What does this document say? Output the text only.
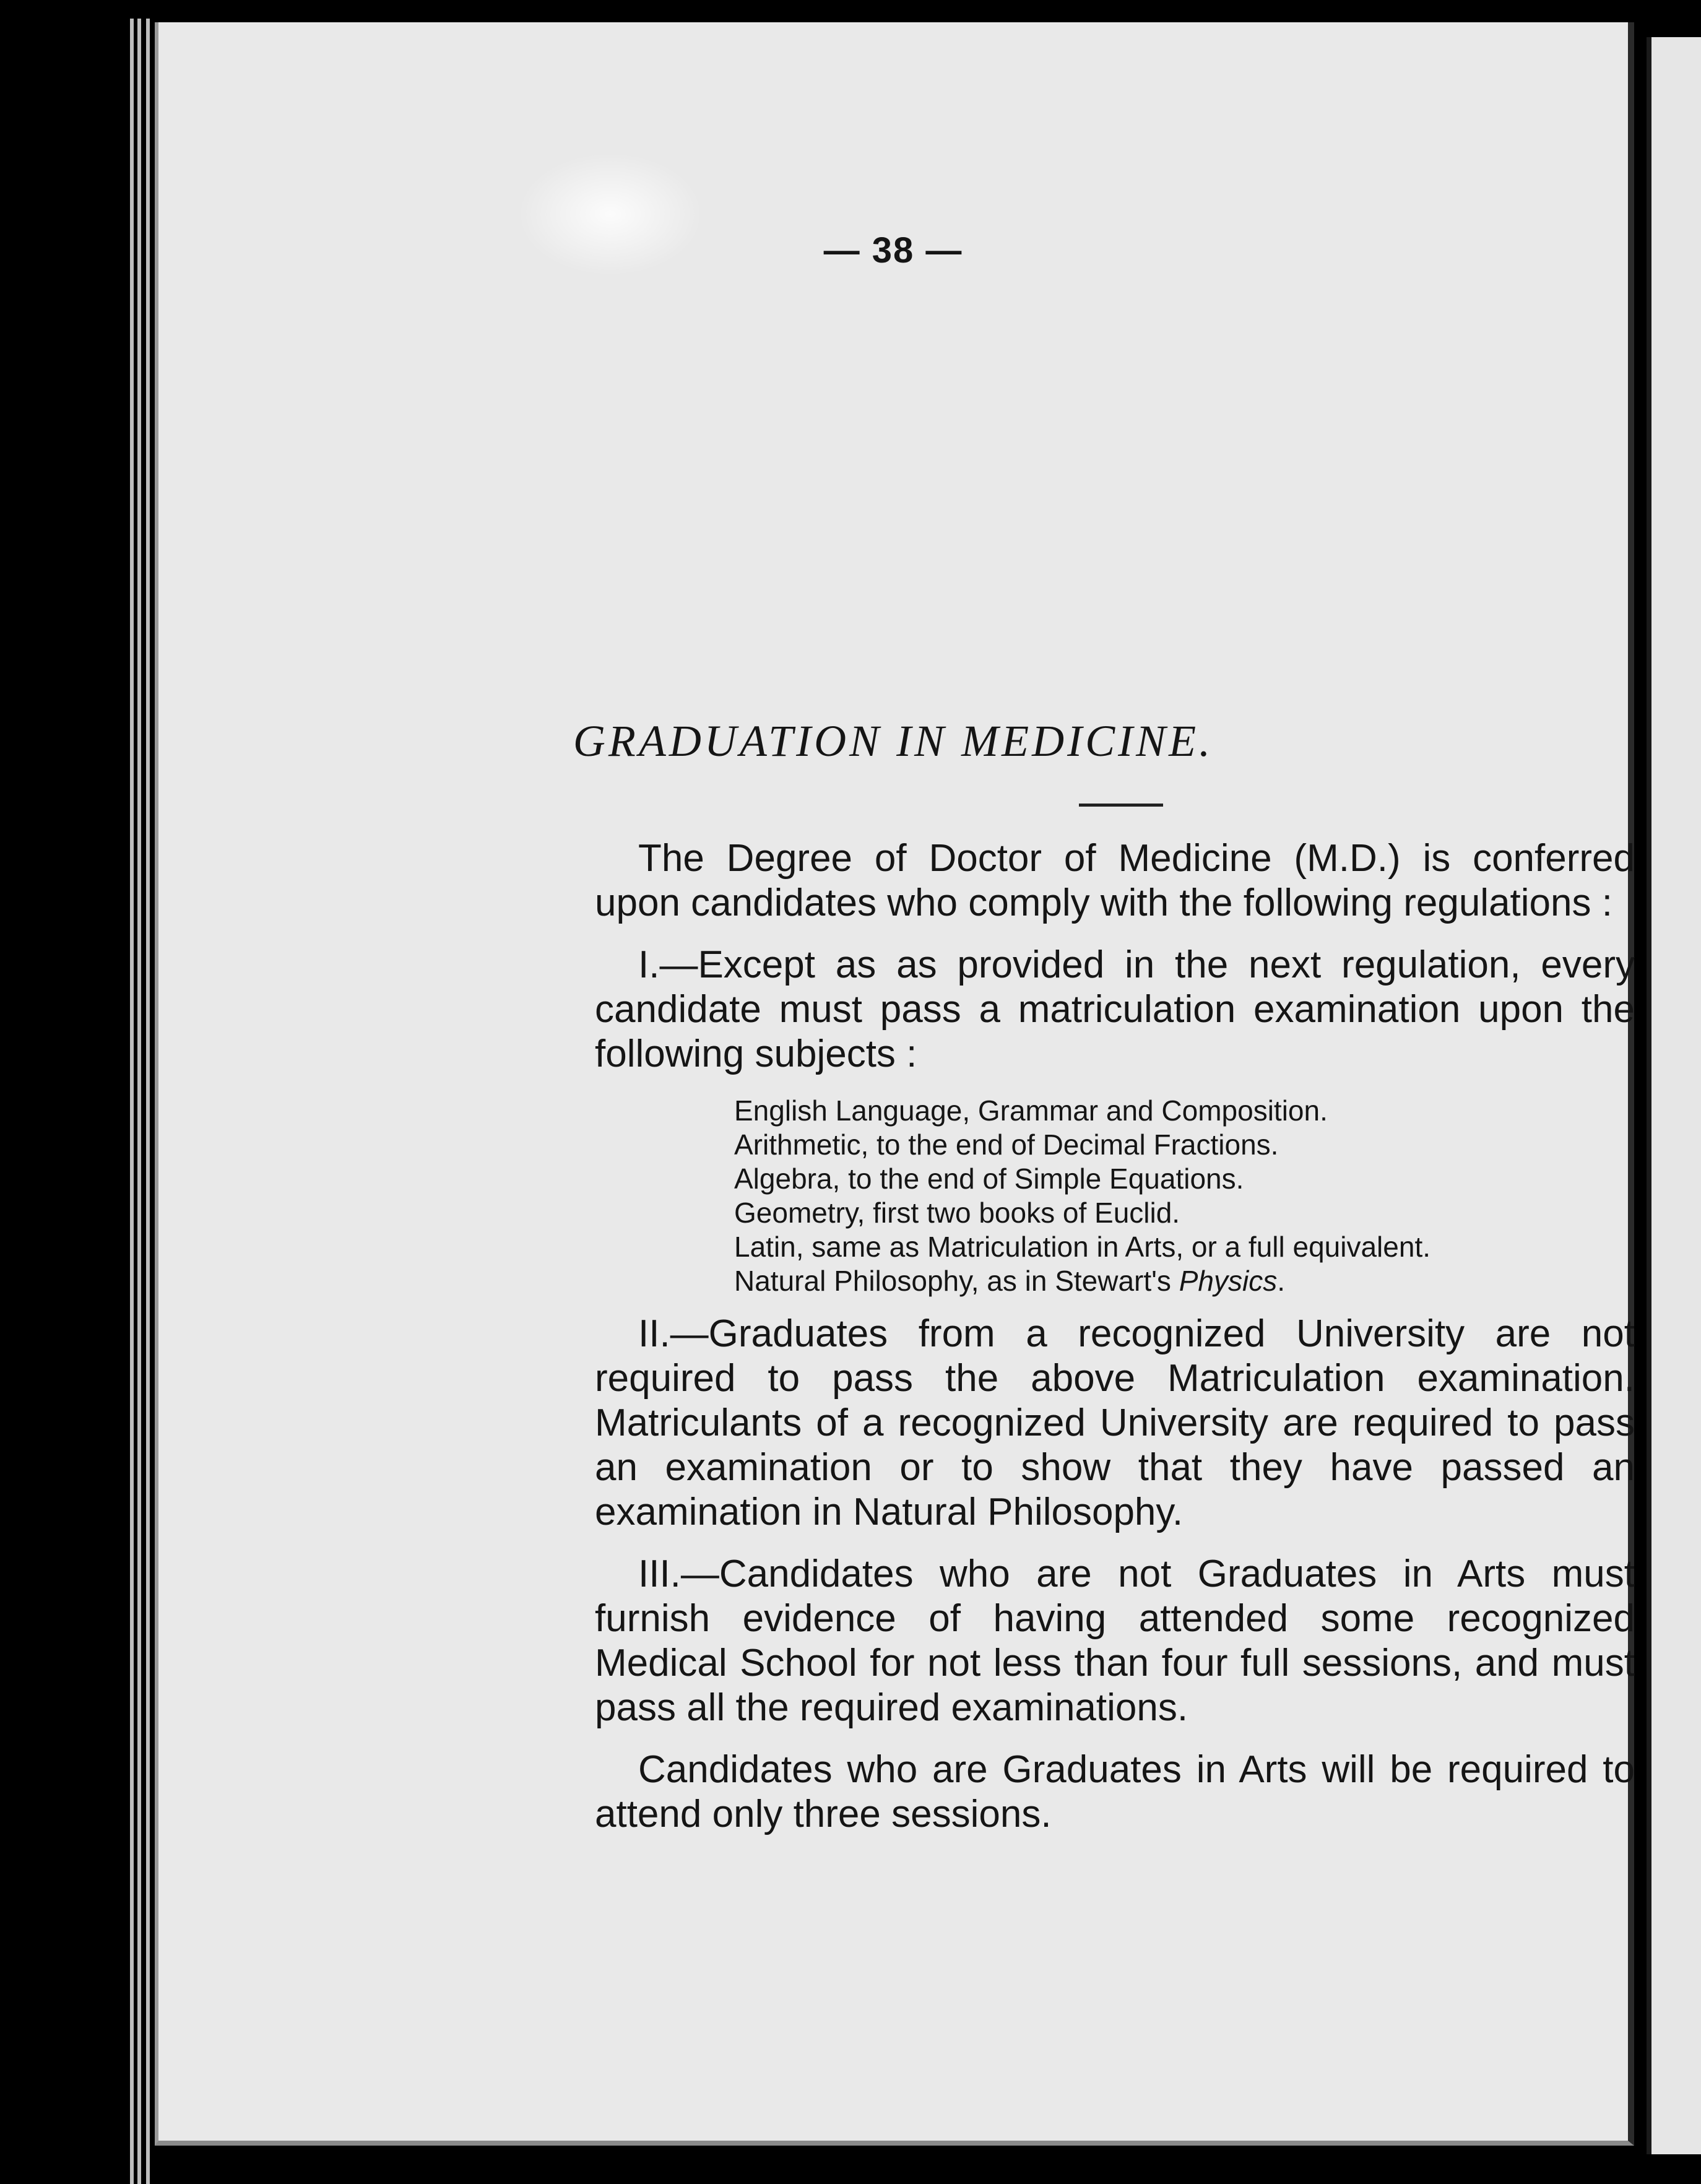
— 38 —
GRADUATION IN MEDICINE.

The Degree of Doctor of Medicine (M.D.) is conferred upon candidates who comply with the following regulations :

I.—Except as as provided in the next regulation, every candidate must pass a matriculation examination upon the following subjects :

English Language, Grammar and Composition.
Arithmetic, to the end of Decimal Fractions.
Algebra, to the end of Simple Equations.
Geometry, first two books of Euclid.
Latin, same as Matriculation in Arts, or a full equivalent.
Natural Philosophy, as in Stewart's Physics.

II.—Graduates from a recognized University are not required to pass the above Matriculation examination. Matriculants of a recognized University are required to pass an examination or to show that they have passed an examination in Natural Philosophy.

III.—Candidates who are not Graduates in Arts must furnish evidence of having attended some recognized Medical School for not less than four full sessions, and must pass all the required examinations.

Candidates who are Graduates in Arts will be required to attend only three sessions.
